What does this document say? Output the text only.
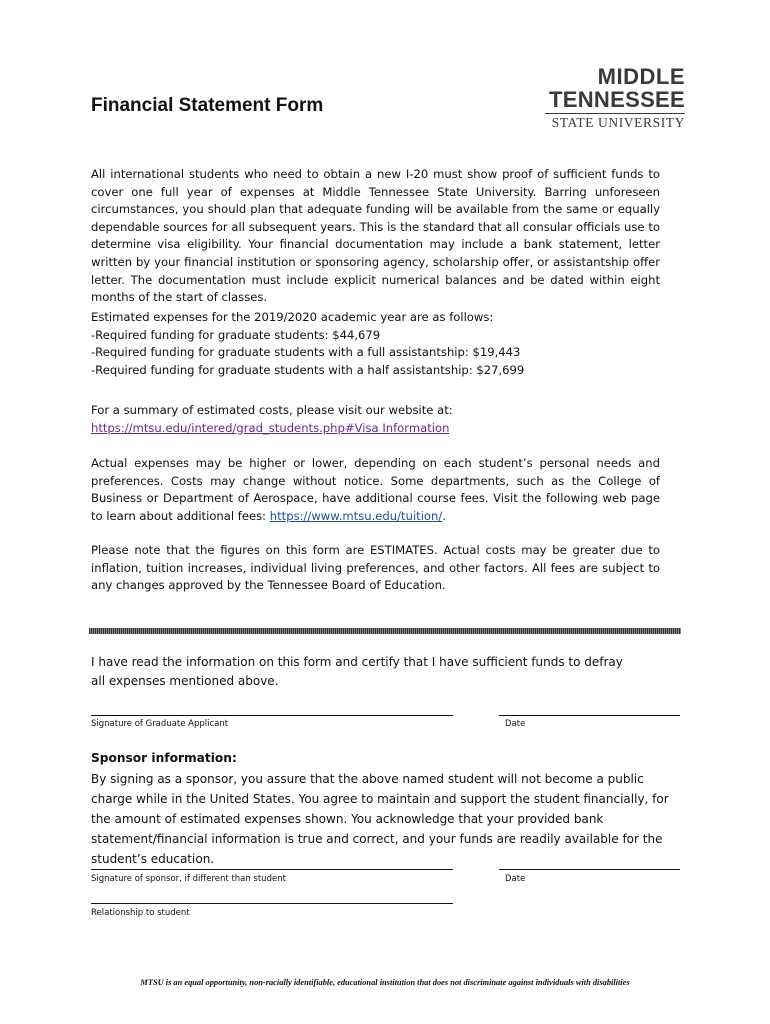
Financial Statement Form
MIDDLE
TENNESSEE
STATE UNIVERSITY

All international students who need to obtain a new I-20 must show proof of sufficient funds to cover one full year of expenses at Middle Tennessee State University. Barring unforeseen circumstances, you should plan that adequate funding will be available from the same or equally dependable sources for all subsequent years. This is the standard that all consular officials use to determine visa eligibility. Your financial documentation may include a bank statement, letter written by your financial institution or sponsoring agency, scholarship offer, or assistantship offer letter. The documentation must include explicit numerical balances and be dated within eight months of the start of classes.

Estimated expenses for the 2019/2020 academic year are as follows:
-Required funding for graduate students: $44,679
-Required funding for graduate students with a full assistantship: $19,443
-Required funding for graduate students with a half assistantship: $27,699
For a summary of estimated costs, please visit our website at:
https://mtsu.edu/intered/grad_students.php#Visa Information

Actual expenses may be higher or lower, depending on each student’s personal needs and preferences. Costs may change without notice. Some departments, such as the College of Business or Department of Aerospace, have additional course fees. Visit the following web page to learn about additional fees: https://www.mtsu.edu/tuition/.

Please note that the figures on this form are ESTIMATES. Actual costs may be greater due to inflation, tuition increases, individual living preferences, and other factors. All fees are subject to any changes approved by the Tennessee Board of Education.

I have read the information on this form and certify that I have sufficient funds to defray all expenses mentioned above.

Signature of Graduate Applicant	Date
Sponsor information:

By signing as a sponsor, you assure that the above named student will not become a public charge while in the United States. You agree to maintain and support the student financially, for the amount of estimated expenses shown. You acknowledge that your provided bank statement/financial information is true and correct, and your funds are readily available for the student’s education.

Signature of sponsor, if different than student	Date
Relationship to student
MTSU is an equal opportunity, non-racially identifiable, educational institution that does not discriminate against individuals with disabilities
